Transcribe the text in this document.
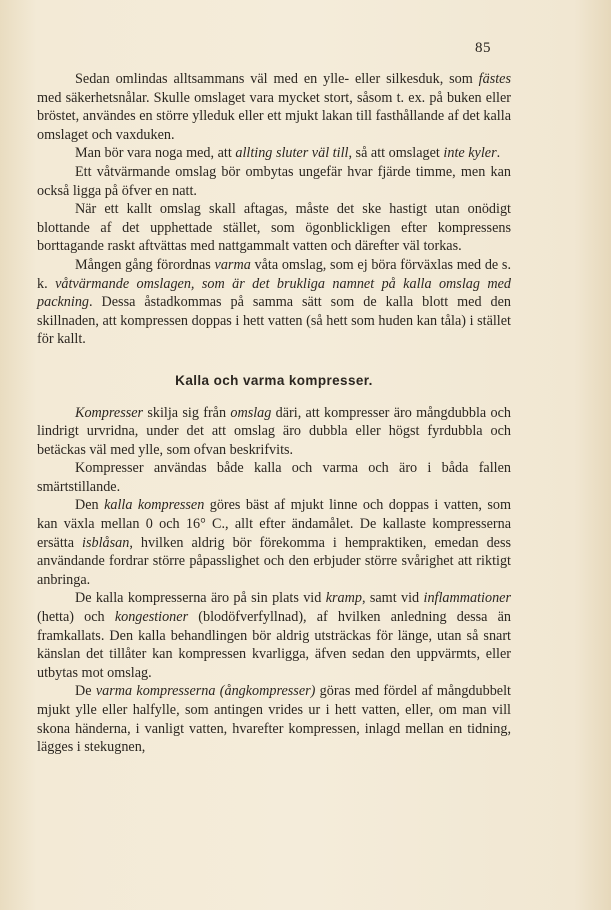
85

Sedan omlindas alltsammans väl med en ylle- eller silkesduk, som fästes med säkerhetsnålar. Skulle omslaget vara mycket stort, såsom t. ex. på buken eller bröstet, användes en större ylleduk eller ett mjukt lakan till fasthållande af det kalla omslaget och vaxduken.

Man bör vara noga med, att allting sluter väl till, så att omslaget inte kyler.

Ett våtvärmande omslag bör ombytas ungefär hvar fjärde timme, men kan också ligga på öfver en natt.

När ett kallt omslag skall aftagas, måste det ske hastigt utan onödigt blottande af det upphettade stället, som ögonblickligen efter kompressens borttagande raskt aftvättas med nattgammalt vatten och därefter väl torkas.

Mången gång förordnas varma våta omslag, som ej böra förväxlas med de s. k. våtvärmande omslagen, som är det brukliga namnet på kalla omslag med packning. Dessa åstadkommas på samma sätt som de kalla blott med den skillnaden, att kompressen doppas i hett vatten (så hett som huden kan tåla) i stället för kallt.

Kalla och varma kompresser.

Kompresser skilja sig från omslag däri, att kompresser äro mångdubbla och lindrigt urvridna, under det att omslag äro dubbla eller högst fyrdubbla och betäckas väl med ylle, som ofvan beskrifvits.

Kompresser användas både kalla och varma och äro i båda fallen smärtstillande.

Den kalla kompressen göres bäst af mjukt linne och doppas i vatten, som kan växla mellan 0 och 16° C., allt efter ändamålet. De kallaste kompresserna ersätta isblåsan, hvilken aldrig bör förekomma i hempraktiken, emedan dess användande fordrar större påpasslighet och den erbjuder större svårighet att riktigt anbringa.

De kalla kompresserna äro på sin plats vid kramp, samt vid inflammationer (hetta) och kongestioner (blodöfverfyllnad), af hvilken anledning dessa än framkallats. Den kalla behandlingen bör aldrig utsträckas för länge, utan så snart känslan det tillåter kan kompressen kvarligga, äfven sedan den uppvärmts, eller utbytas mot omslag.

De varma kompresserna (ångkompresser) göras med fördel af mångdubbelt mjukt ylle eller halfylle, som antingen vrides ur i hett vatten, eller, om man vill skona händerna, i vanligt vatten, hvarefter kompressen, inlagd mellan en tidning, lägges i stekugnen,
